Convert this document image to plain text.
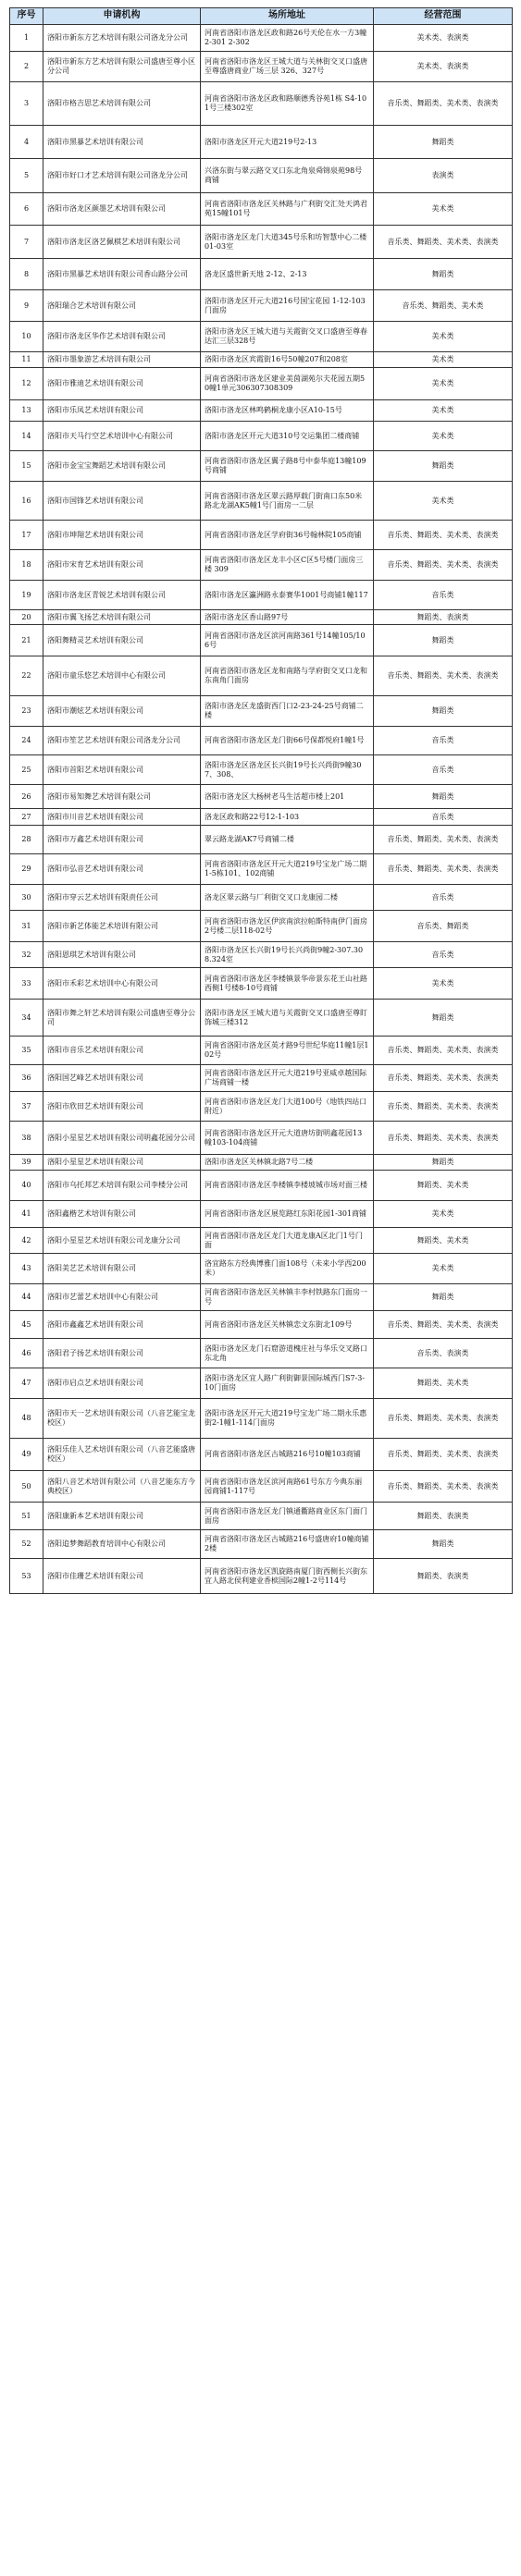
序号	申请机构	场所地址	经营范围
1	洛阳市新东方艺术培训有限公司洛龙分公司	河南省洛阳市洛龙区政和路26号天伦在水一方3幢2-301 2-302	美术类、表演类
2	洛阳市新东方艺术培训有限公司盛唐至尊小区分公司	河南省洛阳市洛龙区王城大道与关林街交叉口盛唐至尊盛唐商业广场三层 326、327号	美术类、表演类
3	洛阳市格吉思艺术培训有限公司	河南省洛阳市洛龙区政和路顺德秀谷苑1栋 S4-101号三楼302室	音乐类、舞蹈类、美术类、表演类
4	洛阳市黑暴艺术培训有限公司	洛阳市洛龙区开元大道219号2-13	舞蹈类
5	洛阳市好口才艺术培训有限公司洛龙分公司	兴洛东街与翠云路交叉口东北角泉舜锦泉苑98号商铺	表演类
6	洛阳市洛龙区颜墨艺术培训有限公司	河南省洛阳市洛龙区关林路与广利街交汇处天鸿君苑15幢101号	美术类
7	洛阳市洛龙区洛艺佩棋艺术培训有限公司	洛阳市洛龙区龙门大道345号乐和坊智慧中心二楼 01-03室	音乐类、舞蹈类、美术类、表演类
8	洛阳市黑暴艺术培训有限公司香山路分公司	洛龙区盛世新天地 2-12、2-13	舞蹈类
9	洛阳瑞合艺术培训有限公司	洛阳市洛龙区开元大道216号国宝花园 1-12-103 门面房	音乐类、舞蹈类、美术类
10	洛阳市洛龙区华作艺术培训有限公司	洛阳市洛龙区王城大道与关霞街交叉口盛唐至尊春达汇三层328号	美术类
11	洛阳市墨象游艺术培训有限公司	洛阳市洛龙区宾霞街16号50幢207和208室	美术类
12	洛阳市雅迪艺术培训有限公司	河南省洛阳市洛龙区建业美茵湖苑尔夫花园五期50幢1单元306307308309	美术类
13	洛阳市乐凤艺术培训有限公司	洛阳市洛龙区林鸣鹤桐龙康小区A10-15号	美术类
14	洛阳市天马行空艺术培训中心有限公司	洛阳市洛龙区开元大道310号交运集团二楼商铺	美术类
15	洛阳市金宝宝舞蹈艺术培训有限公司	河南省洛阳市洛龙区翼子路8号中泰华庭13幢109号商铺	舞蹈类
16	洛阳市国锋艺术培训有限公司	河南省洛阳市洛龙区翠云路厚载门街南口东50米路北龙湖AK5幢1号门面房一二层	美术类
17	洛阳市坤翔艺术培训有限公司	河南省洛阳市洛龙区学府街36号翰林院105商铺	音乐类、舞蹈类、美术类、表演类
18	洛阳市宋育艺术培训有限公司	河南省洛阳市洛龙区龙丰小区C区5号楼门面房三楼 309	音乐类、舞蹈类、美术类、表演类
19	洛阳市洛龙区青锐艺术培训有限公司	洛阳市洛龙区瀛洲路永泰赛华1001号商铺1幢117	音乐类
20	洛阳市翼飞扬艺术培训有限公司	洛阳市洛龙区香山路97号	舞蹈类、表演类
21	洛阳舞精灵艺术培训有限公司	河南省洛阳市洛龙区滨河南路361号14幢105/106号	舞蹈类
22	洛阳市童乐悠艺术培训中心有限公司	河南省洛阳市洛龙区龙和南路与学府街交叉口龙和东南角门面房	音乐类、舞蹈类、美术类、表演类
23	洛阳市潮炫艺术培训有限公司	洛阳市洛龙区龙盛街西门口2-23-24-25号商铺二楼	舞蹈类
24	洛阳市笙艺艺术培训有限公司洛龙分公司	河南省洛阳市洛龙区龙门街66号保都悦府1幢1号	音乐类
25	洛阳市首阳艺术培训有限公司	洛阳市洛龙区洛龙区长兴街19号长兴尚街9幢307、308、	音乐类
26	洛阳市易知舞艺术培训有限公司	洛阳市洛龙区大杨树老马生活超市楼上201	舞蹈类
27	洛阳市川音艺术培训有限公司	洛龙区政和路22号12-1-103	音乐类
28	洛阳市万鑫艺术培训有限公司	翠云路龙湖AK7号商铺二楼	音乐类、舞蹈类、美术类、表演类
29	洛阳市弘音艺术培训有限公司	河南省洛阳市洛龙区开元大道219号宝龙广场二期1-5栋101、102商铺	音乐类、舞蹈类、美术类、表演类
30	洛阳市穿云艺术培训有限责任公司	洛龙区翠云路与厂利街交叉口龙康园二楼	音乐类
31	洛阳市新艺体能艺术培训有限公司	河南省洛阳市洛龙区伊滨南滨拉帕斯特南伊门面房2号楼二层118-02号	音乐类、舞蹈类
32	洛阳恩琪艺术培训有限公司	洛阳市洛龙区长兴街19号长兴尚街9幢2-307.308.324室	音乐类
33	洛阳市禾彩艺术培训中心有限公司	河南省洛阳市洛龙区李楼镇景华帝景东花王山社路西侧1号楼8-10号商铺	美术类
34	洛阳市舞之轩艺术培训有限公司盛唐至尊分公司	洛阳市洛龙区王城大道与关霞街交叉口盛唐至尊盯饰城三楼312	舞蹈类
35	洛阳市音乐艺术培训有限公司	河南省洛阳市洛龙区英才路9号世纪华庭11幢1层102号	音乐类、舞蹈类、美术类、表演类
36	洛阳国艺峰艺术培训有限公司	河南省洛阳市洛龙区开元大道219号亚威卓越国际广场商铺一楼	音乐类、舞蹈类、美术类、表演类
37	洛阳市欣田艺术培训有限公司	河南省洛阳市洛龙区龙门大道100号（地铁四站口附近）	音乐类、舞蹈类、美术类、表演类
38	洛阳小星星艺术培训有限公司明鑫花园分公司	河南省洛阳市洛龙区开元大道唐坊街明鑫花园13幢103-104商铺	音乐类、舞蹈类、美术类、表演类
39	洛阳小星星艺术培训有限公司	洛阳市洛龙区关林镇北路7号二楼	舞蹈类
40	洛阳市乌托邦艺术培训有限公司李楼分公司	河南省洛阳市洛龙区李楼镇李楼坡城市场对面三楼	舞蹈类、美术类
41	洛阳鑫楷艺术培训有限公司	河南省洛阳市洛龙区展览路红东阳花园1-301商铺	美术类
42	洛阳小星星艺术培训有限公司龙康分公司	河南省洛阳市洛龙区龙门大道龙康A区北门1号门面	舞蹈类、美术类
43	洛阳美艺艺术培训有限公司	洛宜路东方经典博雅门面108号（未来小学西200米）	美术类
44	洛阳市艺蕾艺术培训中心有限公司	河南省洛阳市洛龙区关林镇丰李村铁路东门面房一号	舞蹈类
45	洛阳市鑫鑫艺术培训有限公司	河南省洛阳市洛龙区关林镇恋文东街北109号	音乐类、舞蹈类、美术类、表演类
46	洛阳君子扬艺术培训有限公司	洛阳市洛龙区龙门石窟游道槐庄社与华乐交叉路口东北角	音乐类、表演类
47	洛阳市启点艺术培训有限公司	洛阳市洛龙区宜人路广利街御景国际城西门S7-3-10门面房	舞蹈类、美术类
48	洛阳市天一艺术培训有限公司（八音艺能宝龙校区）	洛阳市洛龙区开元大道219号宝龙广场二期永乐惠街2-1幢1-114门面房	音乐类、舞蹈类、美术类、表演类
49	洛阳乐佳人艺术培训有限公司（八音艺能盛唐校区）	河南省洛阳市洛龙区古城路216号10幢103商铺	音乐类、舞蹈类、美术类、表演类
50	洛阳八音艺术培训有限公司（八音艺能东方今典校区）	河南省洛阳市洛龙区滨河南路61号东方今典东丽园商铺1-117号	音乐类、舞蹈类、美术类、表演类
51	洛阳康新本艺术培训有限公司	河南省洛阳市洛龙区龙门镇通衢路商业区东门面门面房	舞蹈类、表演类
52	洛阳追梦舞蹈教育培训中心有限公司	河南省洛阳市洛龙区古城路216号盛唐府10幢商铺2楼	舞蹈类
53	洛阳市佳珊艺术培训有限公司	河南省洛阳市洛龙区凯旋路南厦门街西侧长兴街东宜人路北侯利建业香槟国际2幢1-2号114号	舞蹈类、表演类
